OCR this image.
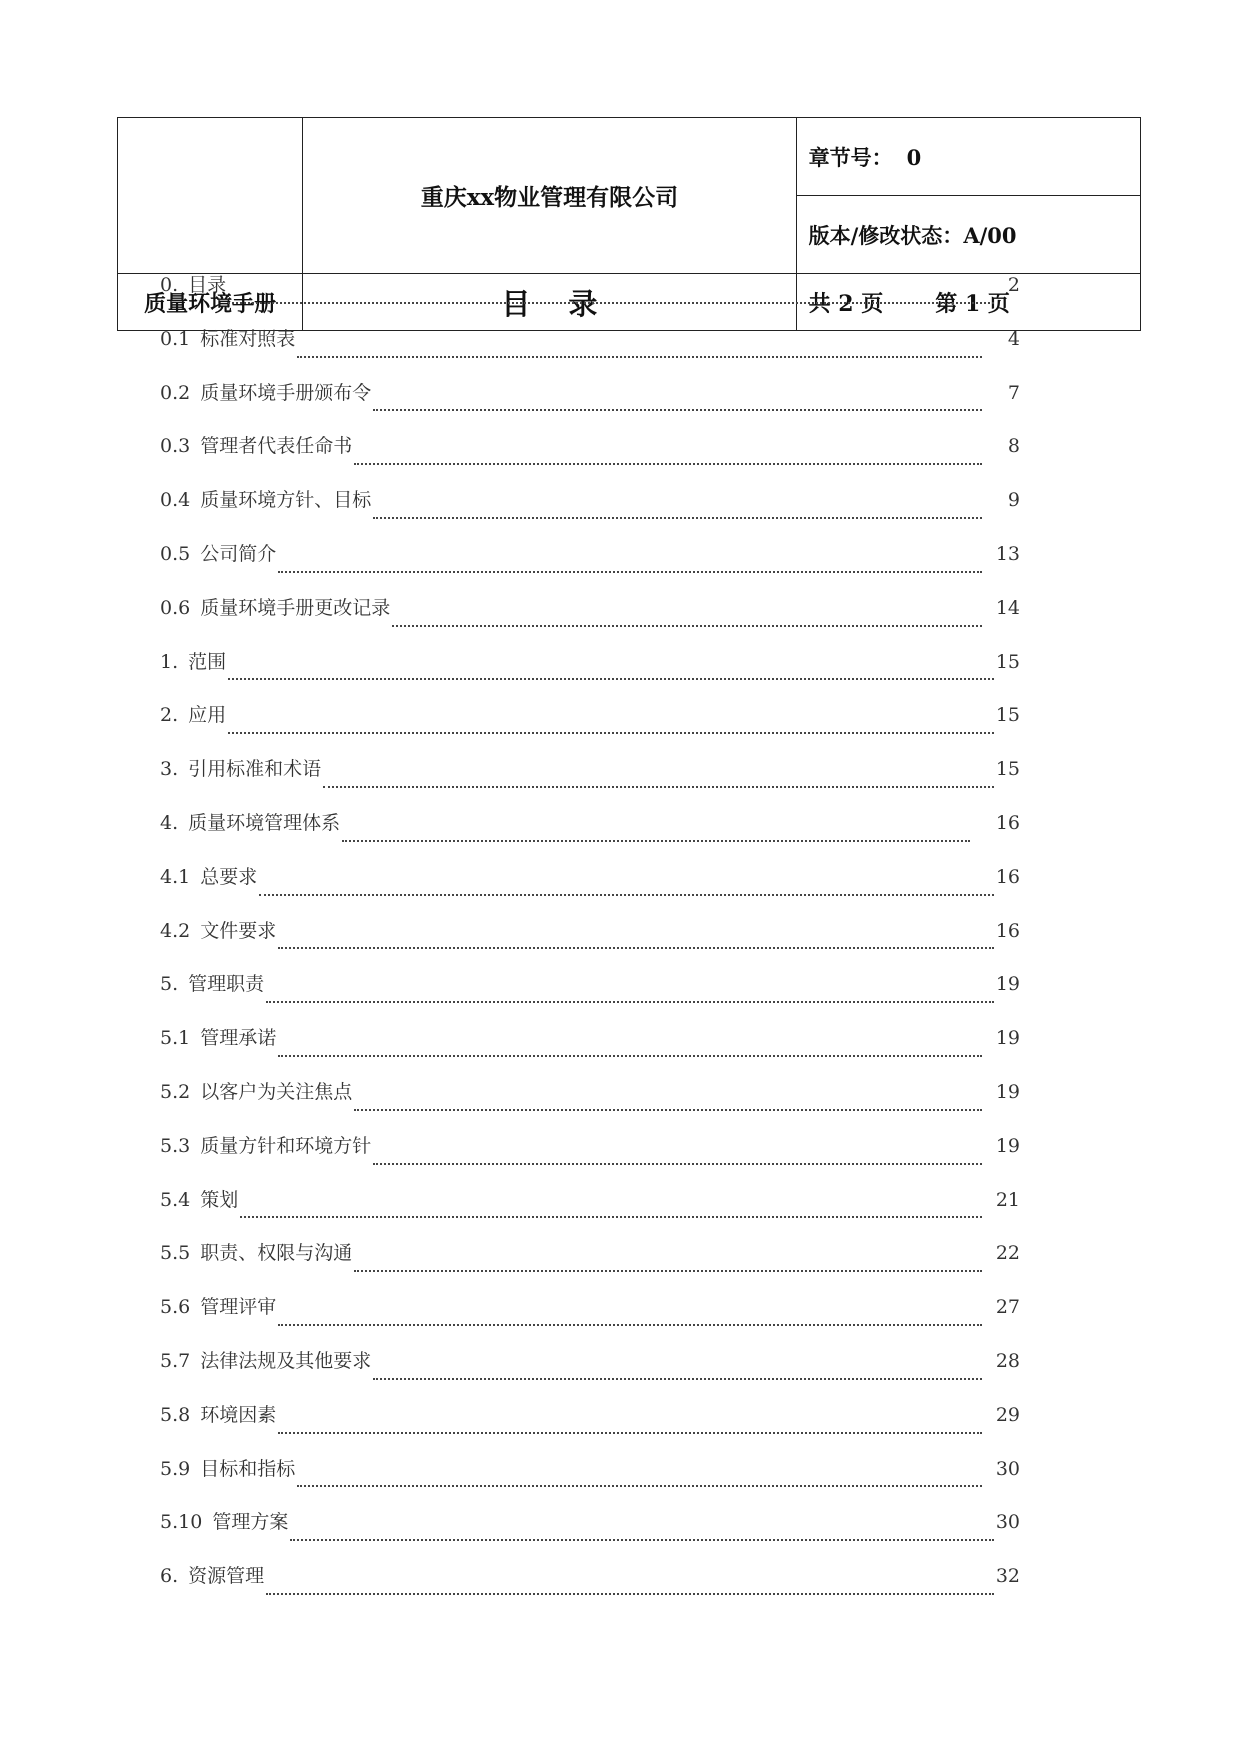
	重庆xx物业管理有限公司	章节号： 0
		版本/修改状态：A/00
质量环境手册	目 录	共 2 页 第 1 页
0. 目录	2
0.1 标准对照表	4
0.2 质量环境手册颁布令	7
0.3 管理者代表任命书	8
0.4 质量环境方针、目标	9
0.5 公司简介	13
0.6 质量环境手册更改记录	14
1. 范围	15
2. 应用	15
3. 引用标准和术语	15
4. 质量环境管理体系	16
4.1 总要求	16
4.2 文件要求	16
5. 管理职责	19
5.1 管理承诺	19
5.2 以客户为关注焦点	19
5.3 质量方针和环境方针	19
5.4 策划	21
5.5 职责、权限与沟通	22
5.6 管理评审	27
5.7 法律法规及其他要求	28
5.8 环境因素	29
5.9 目标和指标	30
5.10 管理方案	30
6. 资源管理	32
